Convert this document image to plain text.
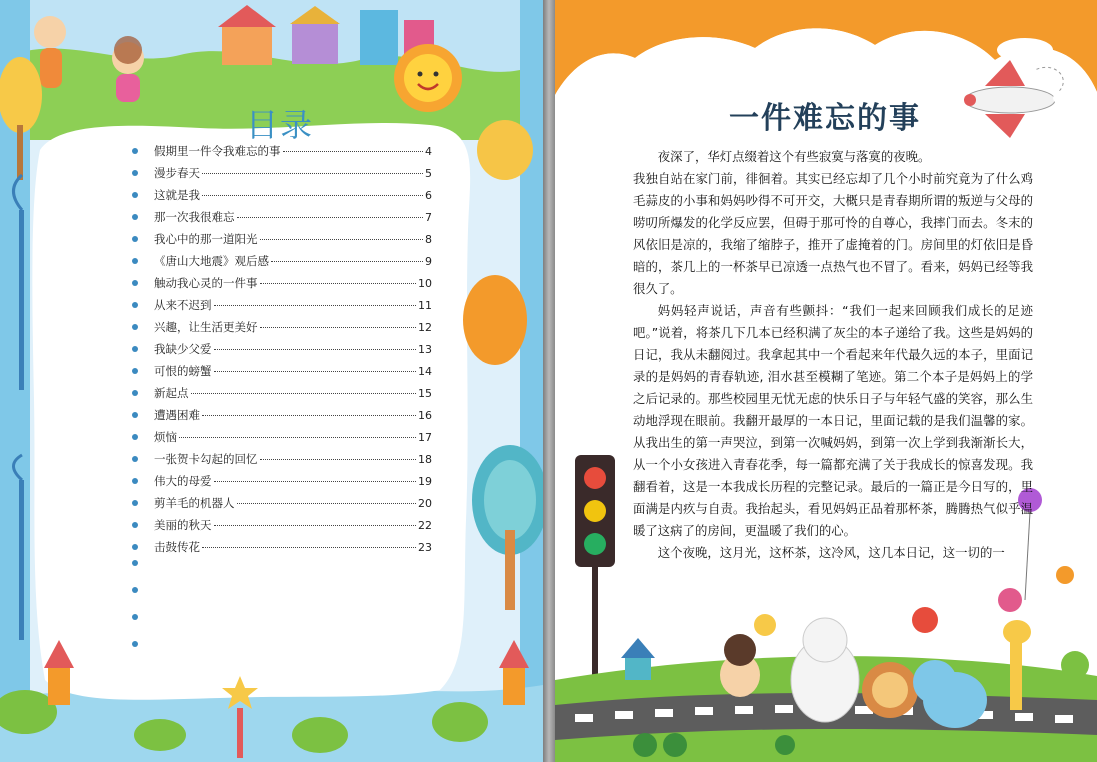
目录
假期里一件令我难忘的事	4
漫步春天	5
这就是我	6
那一次我很难忘	7
我心中的那一道阳光	8
《唐山大地震》观后感	9
触动我心灵的一件事	10
从来不迟到	11
兴趣，让生活更美好	12
我缺少父爱	13
可恨的螃蟹	14
新起点	15
遭遇困难	16
烦恼	17
一张贺卡勾起的回忆	18
伟大的母爱	19
剪羊毛的机器人	20
美丽的秋天	22
击鼓传花	23
一件难忘的事

夜深了，华灯点缀着这个有些寂寞与落寞的夜晚。

我独自站在家门前，徘徊着。其实已经忘却了几个小时前究竟为了什么鸡毛蒜皮的小事和妈妈吵得不可开交，大概只是青春期所谓的叛逆与父母的唠叨所爆发的化学反应罢，但碍于那可怜的自尊心，我摔门而去。冬末的风依旧是凉的，我缩了缩脖子，推开了虚掩着的门。房间里的灯依旧是昏暗的，茶几上的一杯茶早已凉透一点热气也不冒了。看来，妈妈已经等我很久了。

妈妈轻声说话，声音有些颤抖：“我们一起来回顾我们成长的足迹吧。”说着，将茶几下几本已经积满了灰尘的本子递给了我。这些是妈妈的日记，我从未翻阅过。我拿起其中一个看起来年代最久远的本子，里面记录的是妈妈的青春轨迹, 泪水甚至模糊了笔迹。第二个本子是妈妈上的学之后记录的。那些校园里无忧无虑的快乐日子与年轻气盛的笑容，那么生动地浮现在眼前。我翻开最厚的一本日记，里面记载的是我们温馨的家。从我出生的第一声哭泣，到第一次喊妈妈，到第一次上学到我渐渐长大，从一个小女孩进入青春花季，每一篇都充满了关于我成长的惊喜发现。我翻看着，这是一本我成长历程的完整记录。最后的一篇正是今日写的，里面满是内疚与自责。我抬起头，看见妈妈正品着那杯茶，腾腾热气似乎温暖了这病了的房间，更温暖了我们的心。

这个夜晚，这月光，这杯茶，这冷风，这几本日记，这一切的一
